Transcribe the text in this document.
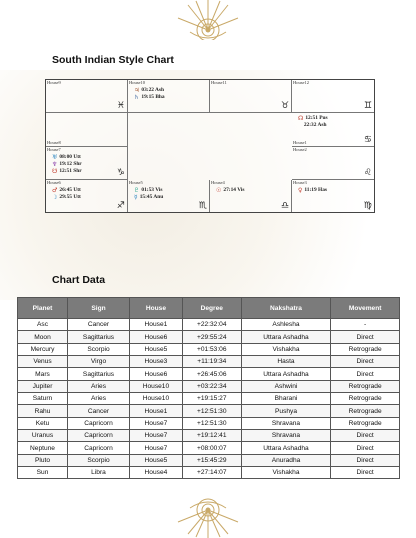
South Indian Style Chart
House9
♓
House10
♃ 03:22 Ash
♄ 19:15 Bha
House11
♉
House12
♊
House8	House1	♋
☊ 12:51 Pus

22:32 Ash
House7
♑
♅ 08:00 Utt
♆ 19:12 Shr
☋ 12:51 Shr
House2
♌
House6
♐
♂ 26:45 Utt
☽ 29:55 Utt
House5
♏
♇ 01:53 Vis
☿ 15:45 Anu
House4
♎
☉ 27:14 Vis
House3
♍
♀ 11:19 Has
Chart Data
Planet	Sign	House	Degree	Nakshatra	Movement
Asc	Cancer	House1	+22:32:04	Ashlesha	-
Moon	Sagittarius	House6	+29:55:24	Uttara Ashadha	Direct
Mercury	Scorpio	House5	+01:53:06	Vishakha	Retrograde
Venus	Virgo	House3	+11:19:34	Hasta	Direct
Mars	Sagittarius	House6	+26:45:06	Uttara Ashadha	Direct
Jupiter	Aries	House10	+03:22:34	Ashwini	Retrograde
Saturn	Aries	House10	+19:15:27	Bharani	Retrograde
Rahu	Cancer	House1	+12:51:30	Pushya	Retrograde
Ketu	Capricorn	House7	+12:51:30	Shravana	Retrograde
Uranus	Capricorn	House7	+19:12:41	Shravana	Direct
Neptune	Capricorn	House7	+08:00:07	Uttara Ashadha	Direct
Pluto	Scorpio	House5	+15:45:29	Anuradha	Direct
Sun	Libra	House4	+27:14:07	Vishakha	Direct
